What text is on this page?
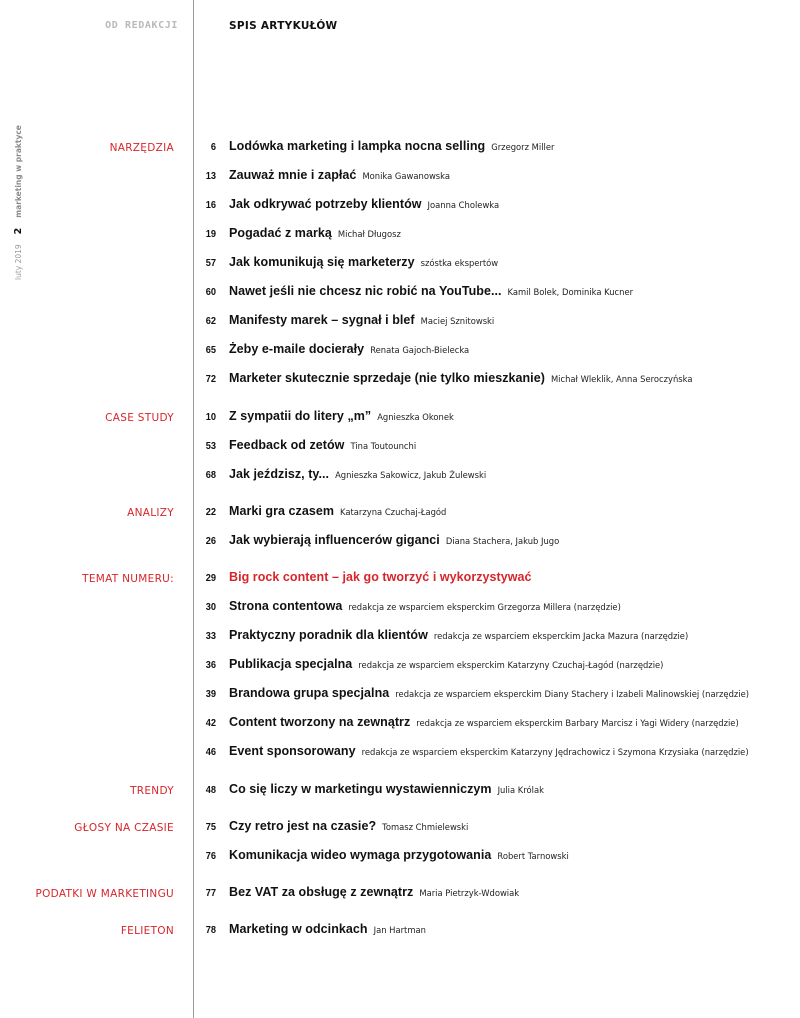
OD REDAKCJI	SPIS ARTYKUŁÓW
luty 20192marketing w praktyce	NARZĘDZIA
CASE STUDY
ANALIZY
TEMAT NUMERU:
TRENDY
GŁOSY NA CZASIE
PODATKI W MARKETINGU
FELIETON
6 Lodówka marketing i lampka nocna selling Grzegorz Miller
13 Zauważ mnie i zapłać Monika Gawanowska
16 Jak odkrywać potrzeby klientów Joanna Cholewka
19 Pogadać z marką Michał Długosz
57 Jak komunikują się marketerzy szóstka ekspertów
60 Nawet jeśli nie chcesz nic robić na YouTube... Kamil Bolek, Dominika Kucner
62 Manifesty marek – sygnał i blef Maciej Sznitowski
65 Żeby e-maile docierały Renata Gajoch-Bielecka
72 Marketer skutecznie sprzedaje (nie tylko mieszkanie) Michał Wleklik, Anna Seroczyńska
10 Z sympatii do litery „m” Agnieszka Okonek
53 Feedback od zetów Tina Toutounchi
68 Jak jeździsz, ty... Agnieszka Sakowicz, Jakub Żulewski
22 Marki gra czasem Katarzyna Czuchaj-Łagód
26 Jak wybierają influencerów giganci Diana Stachera, Jakub Jugo
29 Big rock content – jak go tworzyć i wykorzystywać
30 Strona contentowa redakcja ze wsparciem ekspercki​m Grzegorza Millera (narzędzie)
33 Praktyczny poradnik dla klientów redakcja ze wsparciem eksperckim Jacka Mazura (narzędzie)
36 Publikacja specjalna redakcja ze wsparciem eksperckim Katarzyny Czuchaj-Łagód (narzędzie)
39 Brandowa grupa specjalna redakcja ze wsparciem eksperckim Diany Stachery i Izabeli Malinowskiej (narzędzie)
42 Content tworzony na zewnątrz redakcja ze wsparciem eksperckim Barbary Marcisz i Yagi Widery (narzędzie)
46 Event sponsorowany redakcja ze wsparciem eksperckim Katarzyny Jędrachowicz i Szymona Krzysiaka (narzędzie)
48 Co się liczy w marketingu wystawienniczym Julia Królak
75 Czy retro jest na czasie? Tomasz Chmielewski
76 Komunikacja wideo wymaga przygotowania Robert Tarnowski
77 Bez VAT za obsługę z zewnątrz Maria Pietrzyk-Wdowiak
78 Marketing w odcinkach Jan Hartman
